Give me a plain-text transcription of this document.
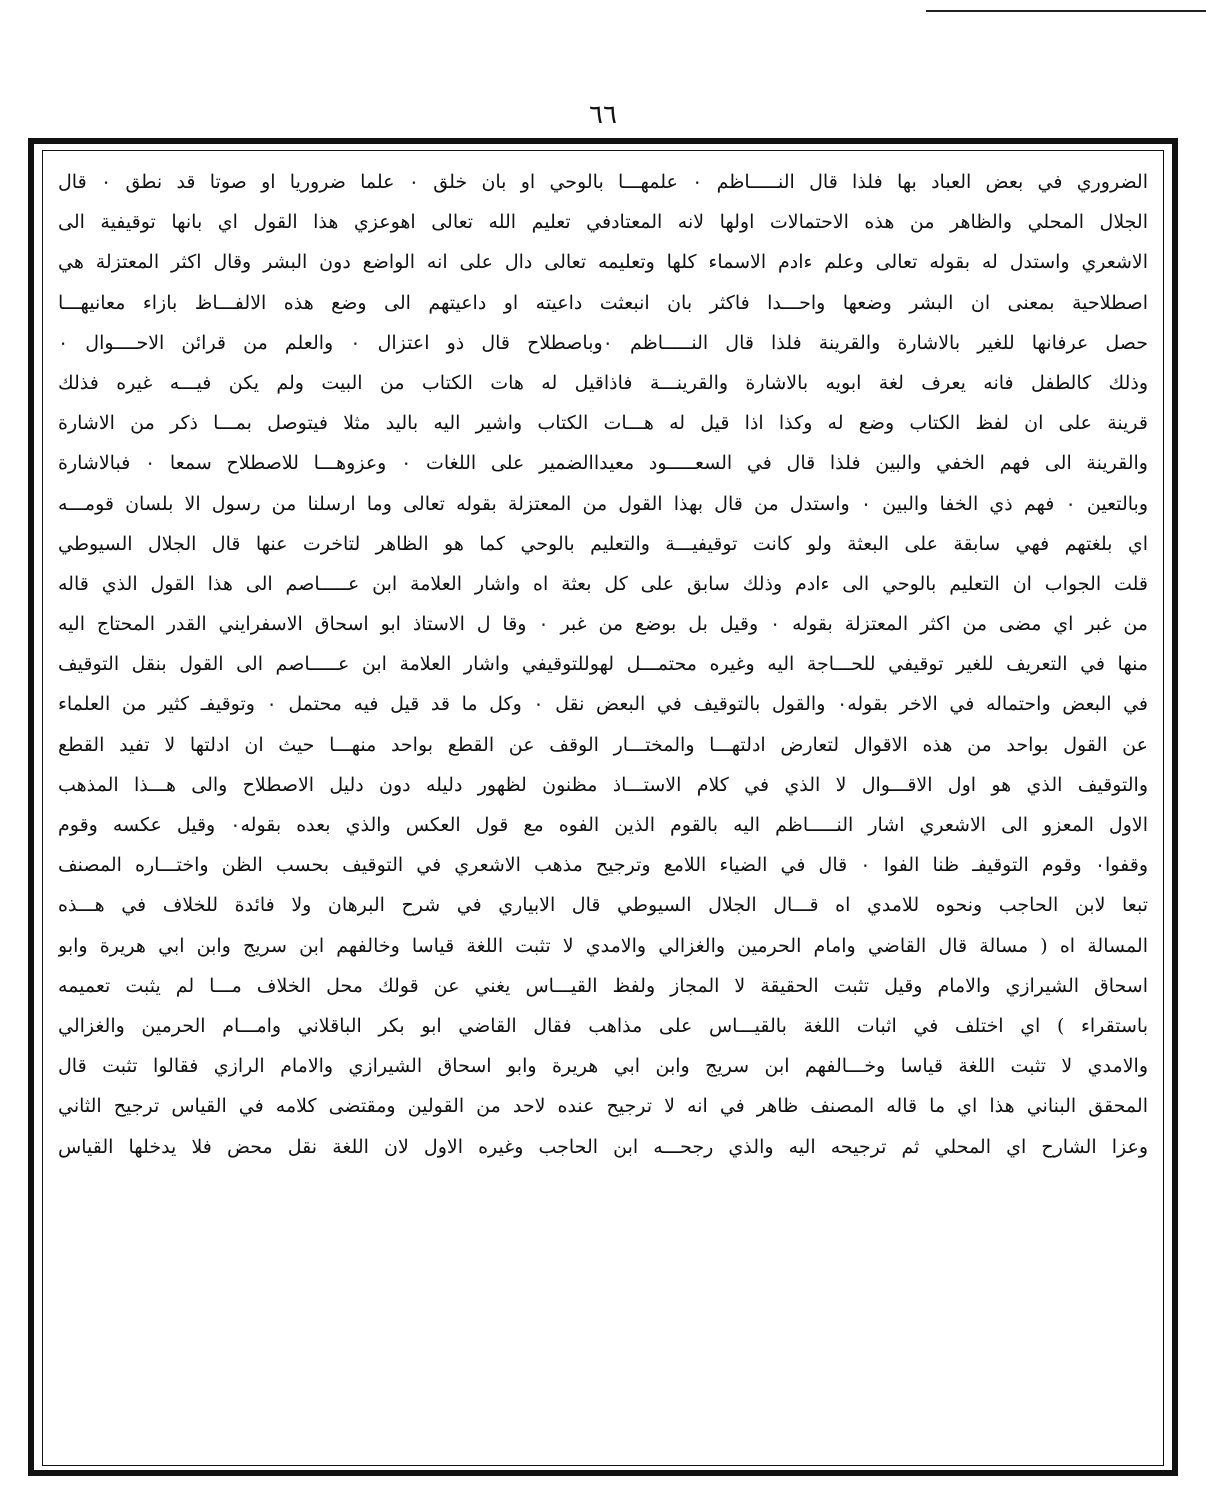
٦٦
الضروري في بعض العباد بها فلذا قال النـــــاظم ٠ علمهـــا بالوحي او بان خلق ٠ علما ضروريا او صوتا قد نطق ٠ قال
الجلال المحلي والظاهر من هذه الاحتمالات اولها لانه المعتادفي تعليم الله تعالى اهوعزي هذا القول اي بانها توقيفية الى
الاشعري واستدل له بقوله تعالى وعلم ءادم الاسماء كلها وتعليمه تعالى دال على انه الواضع دون البشر وقال اكثر المعتزلة هي
اصطلاحية بمعنى ان البشر وضعها واحـــدا فاكثر بان انبعثت داعيته او داعيتهم الى وضع هذه الالفـــاظ بازاء معانيهـــا
حصل عرفانها للغير بالاشارة والقرينة فلذا قال النـــــاظم ٠وباصطلاح قال ذو اعتزال ٠ والعلم من قرائن الاحــــوال ٠
وذلك كالطفل فانه يعرف لغة ابويه بالاشارة والقرينـــة فاذاقيل له هات الكتاب من البيت ولم يكن فيـــه غيره فذلك
قرينة على ان لفظ الكتاب وضع له وكذا اذا قيل له هـــات الكتاب واشير اليه باليد مثلا فيتوصل بمـــا ذكر من الاشارة
والقرينة الى فهم الخفي والبين فلذا قال في السعـــــود معيداالضمير على اللغات ٠ وعزوهـــا للاصطلاح سمعا ٠ فبالاشارة
وبالتعين ٠ فهم ذي الخفا والبين ٠ واستدل من قال بهذا القول من المعتزلة بقوله تعالى وما ارسلنا من رسول الا بلسان قومـــه
اي بلغتهم فهي سابقة على البعثة ولو كانت توقيفيـــة والتعليم بالوحي كما هو الظاهر لتاخرت عنها قال الجلال السيوطي
قلت الجواب ان التعليم بالوحي الى ءادم وذلك سابق على كل بعثة اه واشار العلامة ابن عـــــاصم الى هذا القول الذي قاله
من غبر اي مضى من اكثر المعتزلة بقوله ٠ وقيل بل بوضع من غبر ٠ وقا ل الاستاذ ابو اسحاق الاسفرايني القدر المحتاج اليه
منها في التعريف للغير توقيفي للحـــاجة اليه وغيره محتمـــل لهوللتوقيفي واشار العلامة ابن عـــــاصم الى القول بنقل التوقيف
في البعض واحتماله في الاخر بقوله٠ والقول بالتوقيف في البعض نقل ٠ وكل ما قد قيل فيه محتمل ٠ وتوقيفـ كثير من العلماء
عن القول بواحد من هذه الاقوال لتعارض ادلتهـــا والمختـــار الوقف عن القطع بواحد منهـــا حيث ان ادلتها لا تفيد القطع
والتوقيف الذي هو اول الاقـــوال لا الذي في كلام الاستـــاذ مظنون لظهور دليله دون دليل الاصطلاح والى هـــذا المذهب
الاول المعزو الى الاشعري اشار النـــــاظم اليه بالقوم الذين الفوه مع قول العكس والذي بعده بقوله٠ وقيل عكسه وقوم
وقفوا٠ وقوم التوقيفـ ظنا الفوا ٠ قال في الضياء اللامع وترجيح مذهب الاشعري في التوقيف بحسب الظن واختـــاره المصنف
تبعا لابن الحاجب ونحوه للامدي اه قـــال الجلال السيوطي قال الابياري في شرح البرهان ولا فائدة للخلاف في هـــذه
المسالة اه ( مسالة قال القاضي وامام الحرمين والغزالي والامدي لا تثبت اللغة قياسا وخالفهم ابن سريج وابن ابي هريرة وابو
اسحاق الشيرازي والامام وقيل تثبت الحقيقة لا المجاز ولفظ القيـــاس يغني عن قولك محل الخلاف مـــا لم يثبت تعميمه
باستقراء ) اي اختلف في اثبات اللغة بالقيـــاس على مذاهب فقال القاضي ابو بكر الباقلاني وامـــام الحرمين والغزالي
والامدي لا تثبت اللغة قياسا وخـــالفهم ابن سريج وابن ابي هريرة وابو اسحاق الشيرازي والامام الرازي فقالوا تثبت قال
المحقق البناني هذا اي ما قاله المصنف ظاهر في انه لا ترجيح عنده لاحد من القولين ومقتضى كلامه في القياس ترجيح الثاني
وعزا الشارح اي المحلي ثم ترجيحه اليه والذي رجحـــه ابن الحاجب وغيره الاول لان اللغة نقل محض فلا يدخلها القياس
